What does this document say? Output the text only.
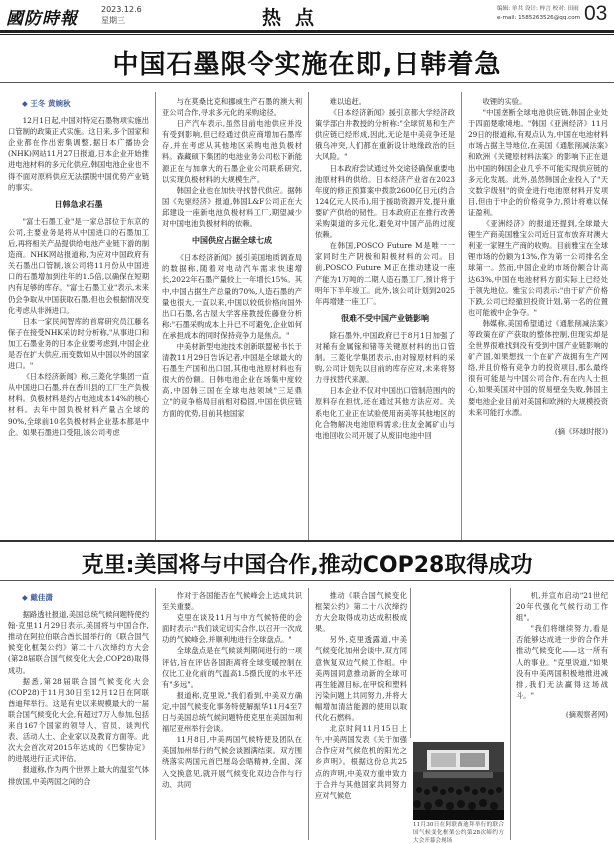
國防時報	2023.12.6
星期三	热点	编辑: 单共 设计: 梓言 校对: 田雨
e-mail: 1585263526@qq.com 03
中国石墨限令实施在即,日韩着急
◆ 王冬 黄婉秋

12月1日起,中国对特定石墨物项实施出口管制的政策正式实施。这日来,多个国家和企业都在作出密集调整,据日本广播协会(NHK)网站11月27日报道,日本企业开始推进电池材料的多元化供应,韩国电池企业也不得不面对原料供应无法摆脱中国优势产业链的事实。

日韩急求石墨

"富士石墨工业"是一家总部位于东京的公司,主要业务是将从中国进口的石墨加工后,再将相关产品提供给电池产业链下游的制造商。NHK网站报道称,为应对中国政府有关石墨出口管制,该公司将11月份从中国进口的石墨增加到往年的1.5倍,以确保在短期内有足够的库存。"富士石墨工业"表示,未来仍会争取从中国获取石墨,但也会根据情况变化考虑从非洲进口。

日本一家民间智库的首席研究员江藤名保子在接受NHK采访时分析称,"从事进口和加工石墨业务的日本企业要考虑到,中国企业是否在扩大供应,而变数如从中国以外的国家进口。"

《日本经济新闻》称,三菱化学集团一直从中国进口石墨,并在香川县的工厂生产负极材料。负极材料是约占电池成本14%的核心材料。去年中国负极材料产量占全球的90%,全球前10名负极材料企业基本都是中企。如果石墨进口受阻,该公司考虑

与在莫桑比克和挪威生产石墨的澳大利亚公司合作,寻求多元化的采购途径。

日产汽车表示,虽然目前电池供应并没有受到影响,但已经通过供应商增加石墨库存,并在考虑从其他地区采购电池负极材料。森藏硕下集团的电池业务公司松下新能源正在与加拿大的石墨企业公司联系研究,以实现负极材料的大规模生产。

韩国企业也在加快寻找替代供应。据韩国《先驱经济》报道,韩国L&F公司正在大邱建设一座新电池负极材料工厂,期望减少对中国电池负极材料的依赖。

中国供应占据全球七成

《日本经济新闻》援引美国地质调查局的数据称,随着对电动汽车需求快速增长,2022年石墨产量较上一年增长15%。其中,中国占据生产总量的70%,人造石墨的产量也很大,一直以来,中国以较低价格向国外出口石墨,名古屋大学客座教授佐藤登分析称:"石墨采购成本上升已不可避免,企业如何在承担成本的同时保持竞争力是焦点。"

中美材新型电池技术创新联盟秘书长于清教11月29日告诉记者,中国是全球最大的石墨生产国和出口国,其他电池原材料也有很大的份额。日韩电池企业在场集中度较高,中国韩三国在全球电池领域"三足鼎立"的竞争格局目前相对稳固,中国在供应链方面的优势,目前其他国家

难以追赶。

《日本经济新闻》援引京都大学经济政策学部白井教授的分析称:"全球贸易和生产供应链已经形成,因此,无论是中美竞争还是俄乌冲突,人们都在重新设计地缘政治的巨大风险。"

日本政府尝试通过外交途径确保重要电池原材料的供给。日本经济产业省在2023年度的修正预算案中拨款2600亿日元(约合124亿元人民币),用于援助资源开发,提升重要矿产供给的韧性。日本政府正在推行改善采购渠道的多元化,避免对中国产品的过度依赖。

在韩国,POSCO Future M是唯一一家同时生产阴极和阳极材料的公司。目前,POSCO Future M正在推动建设一座产能为1万吨的二期人造石墨工厂,预计将于明年下半年竣工。此外,该公司计划到2025年再增建一座工厂。

很难不受中国产业链影响

除石墨外,中国政府已于8月1日加强了对稀有金属镓和锗等关键原材料的出口管制。三菱化学集团表示,由对镓原材料的采购,公司计划先以目前的库存应对,未来将努力寻找替代来源。

日本企业不仅对中国出口管制范围内的原料存在担忧,还在通过其他方法应对。关系电化工业正在试验使用南美等其他地区的化合物解决电池原料需求;住友金属矿山与电池回收公司开展了从废旧电池中回

收锂的实验。

"中国垄断全球电池供应链,韩国企业处于四面楚歌境地。"韩国《亚洲经济》11月29日的报道称,有观点认为,中国在电池材料市场占据主导地位,在美国《通胀削减法案》和欧洲《关键原材料法案》的影响下正在退出中国的韩国企业几乎不可能实现供应链的多元化发展。此外,虽然韩国企业投入了"天文数字级别"的资金进行电池原材料开发项目,但由于中企的价格竞争力,预计将难以保证盈利。

《亚洲经济》的报道还提到,全球最大锂生产商美国雅宝公司近日宣布放弃对澳大利亚一家锂生产商的收购。目前雅宝在全球锂市场的份额为13%,作为第一公司排名全球第一。然而,中国企业的市场份额合计高达63%,中国在电池材料方面实际上已经处于领先地位。雅宝公司表示:"由于矿产价格下跌,公司已经撤回投资计划,第一名的位置也可能被中企争夺。"

韩媒称,美国希望通过《通胀削减法案》等政策在矿产获取的整体控制,但现实却是全世界很难找到没有受到中国产业链影响的矿产国,如果想找一个在矿产战拥有生产网络,并且价格有竞争力的投资项目,那么最终很有可能是与中国公司合作,有在内人士担心,如果美国对中国的贸易壁垒失败,韩国主要电池企业目前对美国和欧洲的大规模投资未来可能打水漂。

(摘《环球时报》)

克里:美国将与中国合作,推动COP28取得成功
◆ 戴佳潇

据路透社报道,美国总统气候问题特使约翰·克里11月29日表示,美国将与中国合作,推动在阿拉伯联合酋长国举行的《联合国气候变化框架公约》第二十八次缔约方大会(第28届联合国气候变化大会,COP28)取得成功。

据悉,第28届联合国气候变化大会(COP28)于11月30日至12月12日在阿联酋迪拜举行。这是有史以来规模最大的一届联合国气候变化大会,有超过7万人参加,包括来自167个国家的领导人、官员、谈判代表、活动人士、企业家以及教育方面等。此次大会首次对2015年达成的《巴黎协定》的进展进行正式评估。

报道称,作为两个世界上最大的温室气体排放国,中美两国之间的合

作对于各国能否在气候峰会上达成共识至关重要。

克里在谈及11月与中方气候特使的会面时表示:"我们谈定切实合作,以召开一次成功的气候峰会,并顺利地进行全球盘点。"

全球盘点是在气候谈判期间进行的一项评估,旨在评估各国距离将全球变暖控制在仅比工业化前的气温高1.5摄氏度的水平还有"多远"。

报道称,克里说,"我们看到,中美双方确定,中国气候变化事务特使解振华11月4至7日与美国总统气候问题特使克里在美国加利福尼亚州举行会谈。

11月8日,中美两国气候特使及团队在美国加州举行的气候会谈圆满结束。双方围绕落实两国元首巴厘岛会晤精神,全面、深入交换意见,就开展气候变化双边合作与行动、共同

推动《联合国气候变化框架公约》第二十八次缔约方大会取得成功达成积极成果。

另外,克里透露道,中美气候变化加州会谈中,双方同意恢复双边气候工作组。中美两国同意推动新的全球可再生能源目标,在甲烷和塑料污染问题上共同努力,并将大幅增加清洁能源的使用以取代化石燃料。

北京时间11月15日上午,中美两国发表《关于加强合作应对气候危机的阳光之乡声明》。根据这份总共25点的声明,中美双方重申致力于合并与其他国家共同努力应对气候危

11月30日在阿联酋迪拜举行的联合国气候变化框架公约第28次缔约方大会开幕会现场

机,并宣布启动"21世纪20年代强化气候行动工作组"。

"我们将继续努力,看是否能够达成进一步的合作并推动气候变化——这一所有人的事业。"克里说道,"如果没有中美两国积极地推进减排,我们无法赢得这场战斗。"

(摘观察者网)
